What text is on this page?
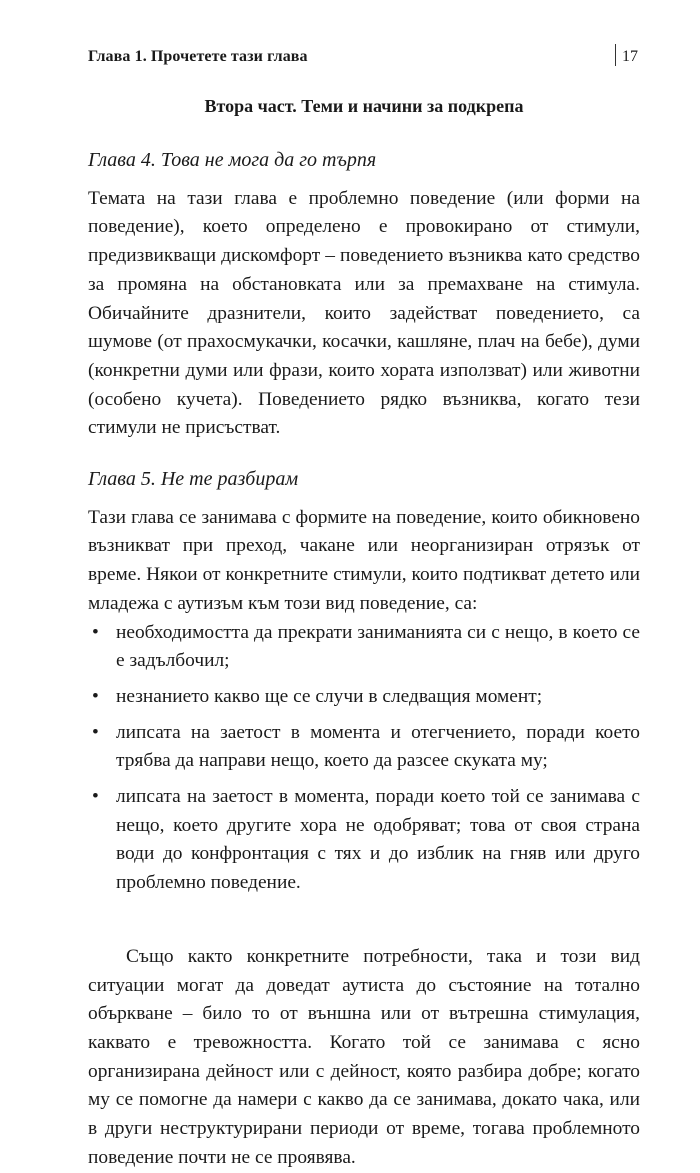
Глава 1. Прочетете тази глава	17
Втора част. Теми и начини за подкрепа
Глава 4. Това не мога да го търпя

Темата на тази глава е проблемно поведение (или форми на поведение), което определено е провокирано от стимули, предизвикващи дискомфорт – поведението възниква като средство за промяна на обстановката или за премахване на стимула. Обичайните дразнители, които задействат поведението, са шумове (от прахосмукачки, косачки, кашляне, плач на бебе), думи (конкретни думи или фрази, които хората използват) или животни (особено кучета). Поведението рядко възниква, когато тези стимули не присъстват.

Глава 5. Не те разбирам

Тази глава се занимава с формите на поведение, които обикновено възникват при преход, чакане или неорганизиран отрязък от време. Някои от конкретните стимули, които подтикват детето или младежа с аутизъм към този вид поведение, са:

• необходимостта да прекрати заниманията си с нещо, в което се е задълбочил;
• незнанието какво ще се случи в следващия момент;
• липсата на заетост в момента и отегчението, поради което трябва да направи нещо, което да разсее скуката му;
• липсата на заетост в момента, поради което той се занимава с нещо, което другите хора не одобряват; това от своя страна води до конфронтация с тях и до изблик на гняв или друго проблемно поведение.

Също както конкретните потребности, така и този вид ситуации могат да доведат аутиста до състояние на тотално объркване – било то от външна или от вътрешна стимулация, каквато е тревожността. Когато той се занимава с ясно организирана дейност или с дейност, която разбира добре; когато му се помогне да намери с какво да се занимава, докато чака, или в други неструктурирани периоди от време, тогава проблемното поведение почти не се проявява.
